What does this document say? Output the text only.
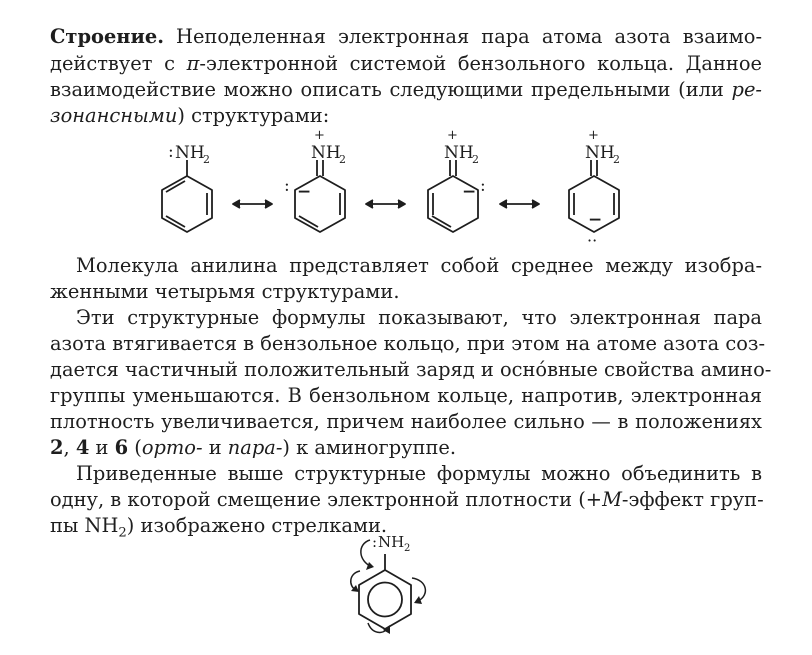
Строение. Неподеленная электронная пара атома азота взаимо-
действует с π-электронной системой бензольного кольца. Данное
взаимодействие можно описать следующими предельными (или ре-
зонансными) структурами:
: NH
2
+
NH
2
: −
+
NH
2
:
−
+
NH
2
−
··
Молекула анилина представляет собой среднее между изобра-
женными четырьмя структурами.
Эти структурные формулы показывают, что электронная пара
азота втягивается в бензольное кольцо, при этом на атоме азота соз-
дается частичный положительный заряд и осно́вные свойства амино-
группы уменьшаются. В бензольном кольце, напротив, электронная
плотность увеличивается, причем наиболее сильно — в положениях
2, 4 и 6 (орто- и пара-) к аминогруппе.
Приведенные выше структурные формулы можно объединить в
одну, в которой смещение электронной плотности (+M-эффект груп-
пы $NH_2$) изображено стрелками.
: NH 2
